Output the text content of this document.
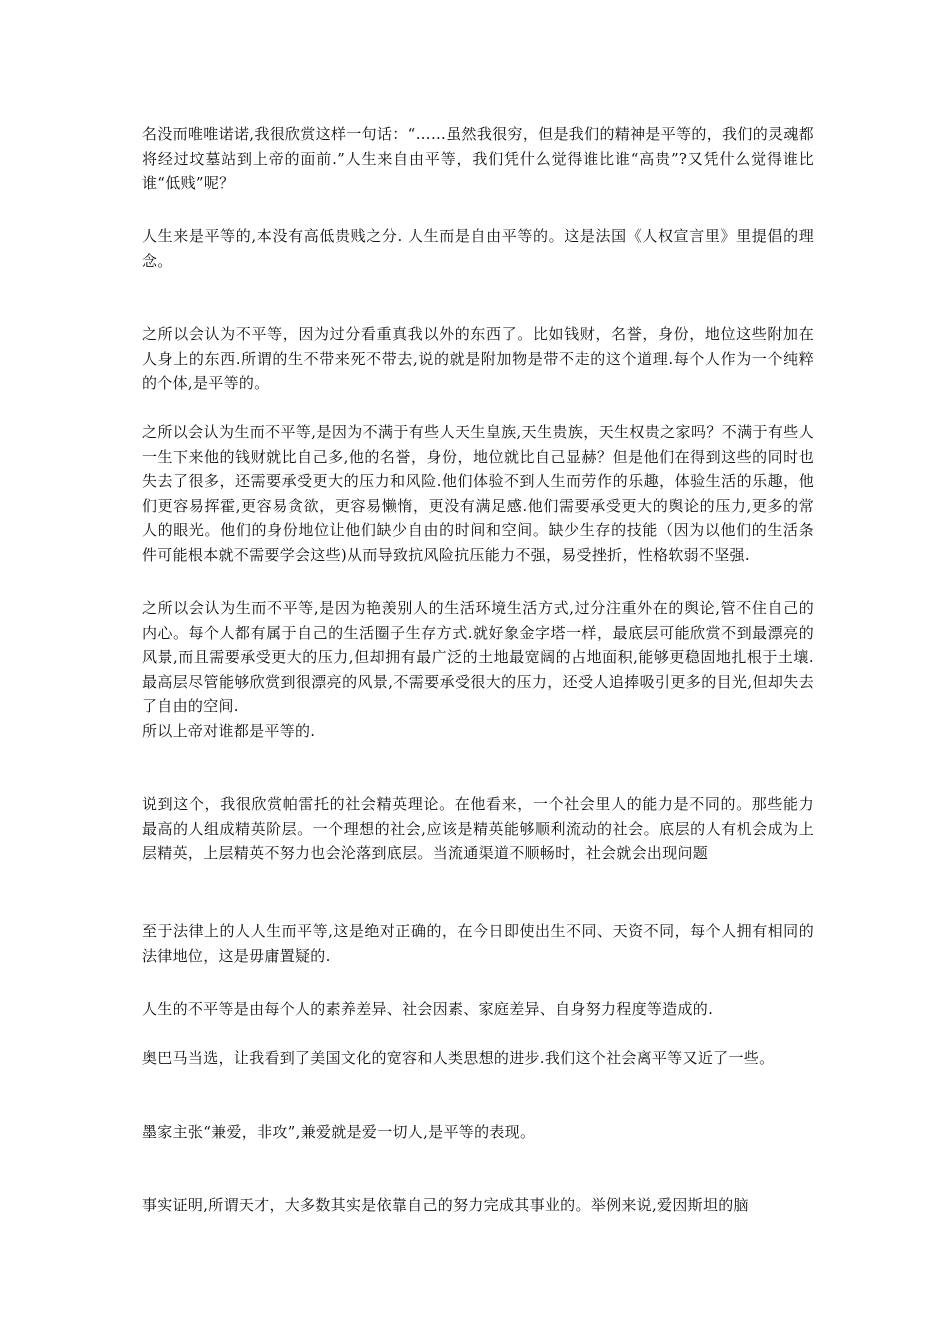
名没而唯唯诺诺,我很欣赏这样一句话：“……虽然我很穷，但是我们的精神是平等的，我们的灵魂都将经过坟墓站到上帝的面前.”人生来自由平等，我们凭什么觉得谁比谁“高贵”?又凭什么觉得谁比谁“低贱”呢？

人生来是平等的,本没有高低贵贱之分. 人生而是自由平等的。这是法国《人权宣言里》里提倡的理念。

之所以会认为不平等，因为过分看重真我以外的东西了。比如钱财，名誉，身份，地位这些附加在人身上的东西.所谓的生不带来死不带去,说的就是附加物是带不走的这个道理.每个人作为一个纯粹的个体,是平等的。

之所以会认为生而不平等,是因为不满于有些人天生皇族,天生贵族，天生权贵之家吗？不满于有些人一生下来他的钱财就比自己多,他的名誉，身份，地位就比自己显赫？但是他们在得到这些的同时也失去了很多，还需要承受更大的压力和风险.他们体验不到人生而劳作的乐趣，体验生活的乐趣，他们更容易挥霍,更容易贪欲，更容易懒惰，更没有满足感.他们需要承受更大的舆论的压力,更多的常人的眼光。他们的身份地位让他们缺少自由的时间和空间。缺少生存的技能（因为以他们的生活条件可能根本就不需要学会这些)从而导致抗风险抗压能力不强，易受挫折，性格软弱不坚强.

之所以会认为生而不平等,是因为艳羡别人的生活环境生活方式,过分注重外在的舆论,管不住自己的内心。每个人都有属于自己的生活圈子生存方式.就好象金字塔一样，最底层可能欣赏不到最漂亮的风景,而且需要承受更大的压力,但却拥有最广泛的土地最宽阔的占地面积,能够更稳固地扎根于土壤.最高层尽管能够欣赏到很漂亮的风景,不需要承受很大的压力，还受人追捧吸引更多的目光,但却失去了自由的空间.

所以上帝对谁都是平等的.

说到这个，我很欣赏帕雷托的社会精英理论。在他看来，一个社会里人的能力是不同的。那些能力最高的人组成精英阶层。一个理想的社会,应该是精英能够顺利流动的社会。底层的人有机会成为上层精英，上层精英不努力也会沦落到底层。当流通渠道不顺畅时，社会就会出现问题

至于法律上的人人生而平等,这是绝对正确的，在今日即使出生不同、天资不同，每个人拥有相同的法律地位，这是毋庸置疑的.

人生的不平等是由每个人的素养差异、社会因素、家庭差异、自身努力程度等造成的.

奥巴马当选，让我看到了美国文化的宽容和人类思想的进步.我们这个社会离平等又近了一些。

墨家主张“兼爱，非攻”,兼爱就是爱一切人,是平等的表现。

事实证明,所谓天才，大多数其实是依靠自己的努力完成其事业的。举例来说,爱因斯坦的脑
